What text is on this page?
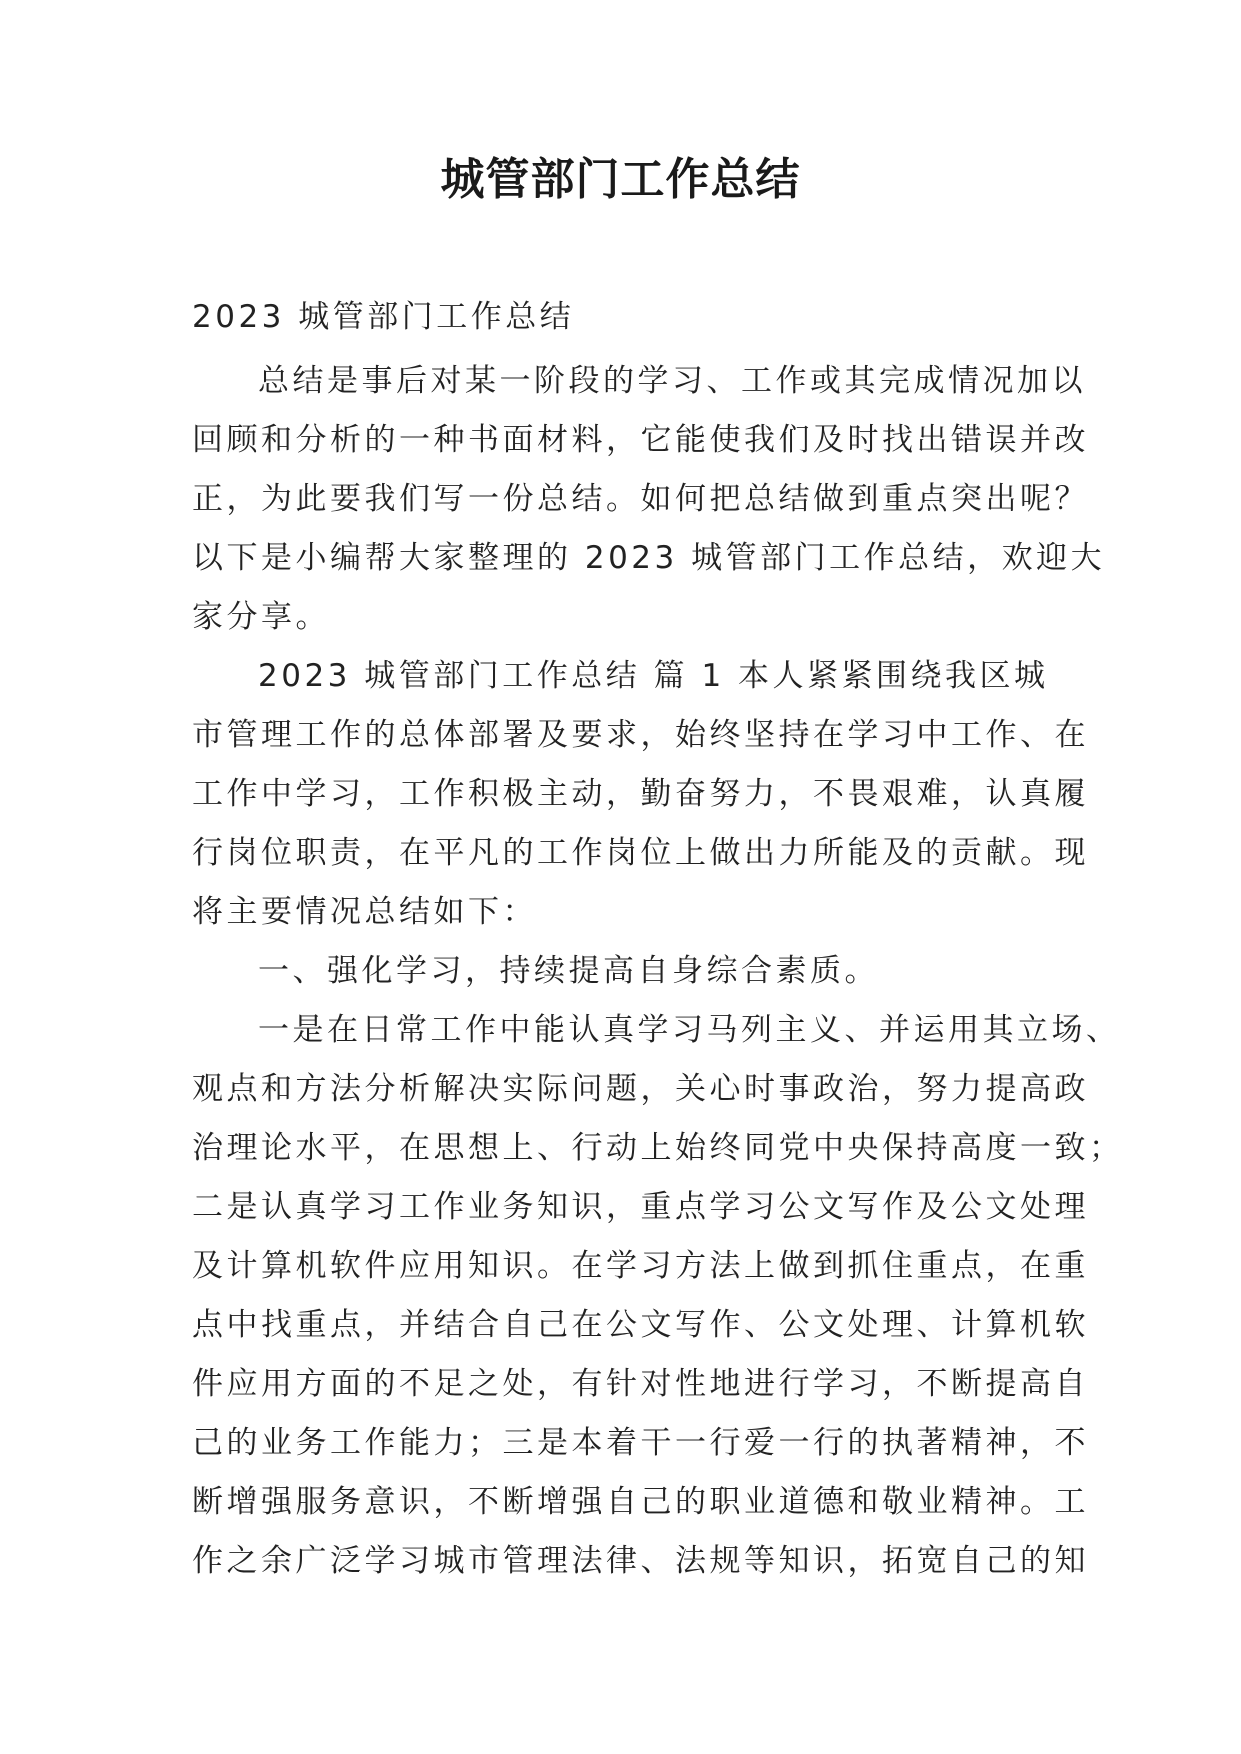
城管部门工作总结
2023 城管部门工作总结
总结是事后对某一阶段的学习、工作或其完成情况加以
回顾和分析的一种书面材料，它能使我们及时找出错误并改
正，为此要我们写一份总结。如何把总结做到重点突出呢？
以下是小编帮大家整理的 2023 城管部门工作总结，欢迎大
家分享。
2023 城管部门工作总结 篇 1 本人紧紧围绕我区城
市管理工作的总体部署及要求，始终坚持在学习中工作、在
工作中学习，工作积极主动，勤奋努力，不畏艰难，认真履
行岗位职责，在平凡的工作岗位上做出力所能及的贡献。现
将主要情况总结如下：
一、强化学习，持续提高自身综合素质。
一是在日常工作中能认真学习马列主义、并运用其立场、
观点和方法分析解决实际问题，关心时事政治，努力提高政
治理论水平，在思想上、行动上始终同党中央保持高度一致；
二是认真学习工作业务知识，重点学习公文写作及公文处理
及计算机软件应用知识。在学习方法上做到抓住重点，在重
点中找重点，并结合自己在公文写作、公文处理、计算机软
件应用方面的不足之处，有针对性地进行学习，不断提高自
己的业务工作能力；三是本着干一行爱一行的执著精神，不
断增强服务意识，不断增强自己的职业道德和敬业精神。工
作之余广泛学习城市管理法律、法规等知识，拓宽自己的知
